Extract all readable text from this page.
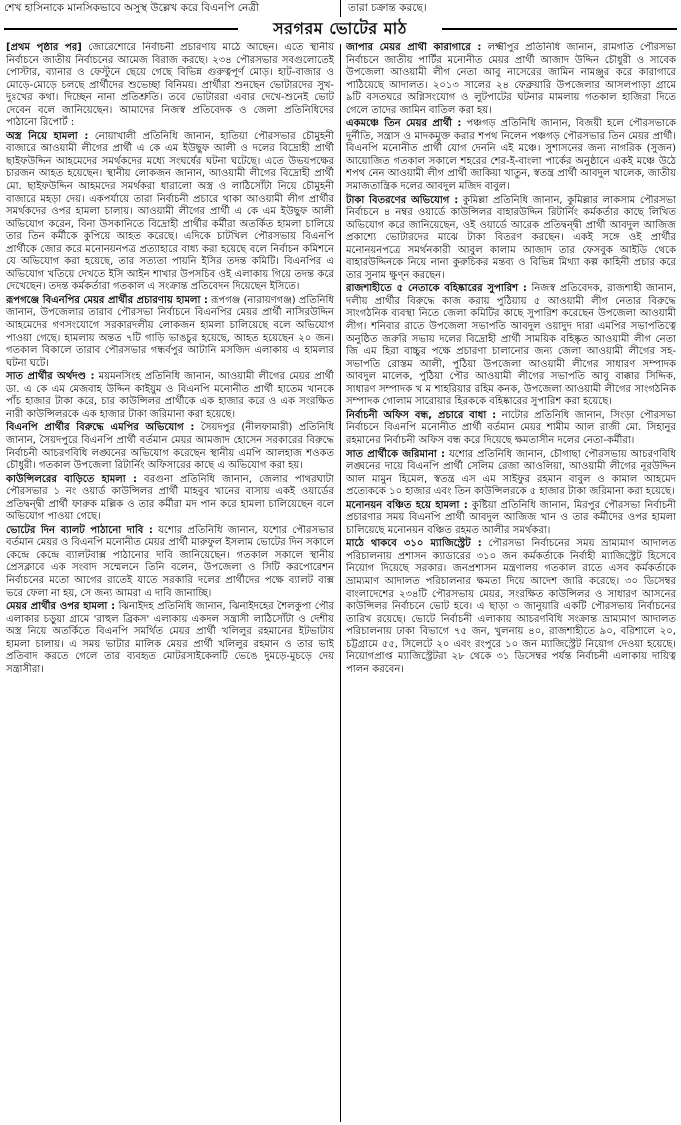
শেখ হাসিনাকে মানসিকভাবে অসুস্থ উল্লেখ করে বিএনপি নেত্রী	তারা চক্রান্ত করছে।
সরগরম ভোটের মাঠ

[প্রথম পৃষ্ঠার পর] জোরেশোরে নির্বাচনী প্রচারণায় মাঠে আছেন। এতে স্থানীয় নির্বাচনে জাতীয় নির্বাচনের আমেজ বিরাজ করছে। ২৩৪ পৌরসভার সবগুলোতেই পোস্টার, ব্যানার ও ফেস্টুনে ছেয়ে গেছে বিভিন্ন গুরুত্বপূর্ণ মোড়। হাট-বাজার ও মোড়ে-মোড়ে চলছে প্রার্থীদের শুভেচ্ছা বিনিময়। প্রার্থীরা শুনছেন ভোটারদের সুখ-দুঃখের কথা। দিচ্ছেন নানা প্রতিশ্রুতি। তবে ভোটাররা এবার দেখে-শুনেই ভোট দেবেন বলে জানিয়েছেন। আমাদের নিজস্ব প্রতিবেদক ও জেলা প্রতিনিধিদের পাঠানো রিপোর্ট :

অস্ত্র নিয়ে হামলা : নোয়াখালী প্রতিনিধি জানান, হাতিয়া পৌরসভার চৌমুহনী বাজারে আওয়ামী লীগের প্রার্থী এ কে এম ইউছুফ আলী ও দলের বিদ্রোহী প্রার্থী ছাইফউদ্দিন আহমেদের সমর্থকদের মধ্যে সংঘর্ষের ঘটনা ঘটেছে। এতে উভয়পক্ষের চারজন আহত হয়েছেন। স্থানীয় লোকজন জানান, আওয়ামী লীগের বিদ্রোহী প্রার্থী মো. ছাইফউদ্দিন আহমদের সমর্থকরা ধারালো অস্ত্র ও লাঠিসোঁটা নিয়ে চৌমুহনী বাজারে মহড়া দেয়। একপর্যায়ে তারা নির্বাচনী প্রচারে থাকা আওয়ামী লীগ প্রার্থীর সমর্থকদের ওপর হামলা চালায়। আওয়ামী লীগের প্রার্থী এ কে এম ইউছুফ আলী অভিযোগ করেন, বিনা উসকানিতে বিদ্রোহী প্রার্থীর কর্মীরা অতর্কিত হামলা চালিয়ে তার তিন কর্মীকে কুপিয়ে আহত করেছে। এদিকে চাটখিল পৌরসভায় বিএনপি প্রার্থীকে জোর করে মনোনয়নপত্র প্রত্যাহারে বাধ্য করা হয়েছে বলে নির্বাচন কমিশনে যে অভিযোগ করা হয়েছে, তার সত্যতা পায়নি ইসির তদন্ত কমিটি। বিএনপির এ অভিযোগ খতিয়ে দেখতে ইসি আইন শাখার উপসচিব ওই এলাকায় গিয়ে তদন্ত করে দেখেছেন। তদন্ত কর্মকর্তারা গতকাল এ সংক্রান্ত প্রতিবেদন দিয়েছেন ইসিতে।

রূপগঞ্জে বিএনপির মেয়র প্রার্থীর প্রচারণায় হামলা : রূপগঞ্জ (নারায়ণগঞ্জ) প্রতিনিধি জানান, উপজেলার তারাব পৌরসভা নির্বাচনে বিএনপির মেয়র প্রার্থী নাসিরউদ্দিন আহমেদের গণসংযোগে সরকারদলীয় লোকজন হামলা চালিয়েছে বলে অভিযোগ পাওয়া গেছে। হামলায় অন্তত ৭টি গাড়ি ভাঙচুর হয়েছে, আহত হয়েছেন ২০ জন। গতকাল বিকালে তারাব পৌরসভার গন্ধর্বপুর আটানি মসজিদ এলাকায় এ হামলার ঘটনা ঘটে।

সাত প্রার্থীর অর্থদণ্ড : ময়মনসিংহ প্রতিনিধি জানান, আওয়ামী লীগের মেয়র প্রার্থী ডা. এ কে এম মেজবাহ উদ্দিন কাইয়ুম ও বিএনপি মনোনীত প্রার্থী হাতেম খানকে পাঁচ হাজার টাকা করে, চার কাউন্সিলর প্রার্থীকে এক হাজার করে ও এক সংরক্ষিত নারী কাউন্সিলরকে এক হাজার টাকা জরিমানা করা হয়েছে।

বিএনপি প্রার্থীর বিরুদ্ধে এমপির অভিযোগ : সৈয়দপুর (নীলফামারী) প্রতিনিধি জানান, সৈয়দপুরে বিএনপি প্রার্থী বর্তমান মেয়র আমজাদ হোসেন সরকারের বিরুদ্ধে নির্বাচনী আচরণবিধি লঙ্ঘনের অভিযোগ করেছেন স্থানীয় এমপি আলহাজ শওকত চৌধুরী। গতকাল উপজেলা রিটার্নিং অফিসারের কাছে এ অভিযোগ করা হয়।

কাউন্সিলরের বাড়িতে হামলা : বরগুনা প্রতিনিধি জানান, জেলার পাথরঘাটা পৌরসভার ১ নং ওয়ার্ড কাউন্সিলর প্রার্থী মাহবুব খানের বাসায় একই ওয়ার্ডের প্রতিদ্বন্দ্বী প্রার্থী ফারুক মল্লিক ও তার কর্মীরা মদ পান করে হামলা চালিয়েছেন বলে অভিযোগ পাওয়া গেছে।

ভোটের দিন ব্যালট পাঠানো দাবি : যশোর প্রতিনিধি জানান, যশোর পৌরসভার বর্তমান মেয়র ও বিএনপি মনোনীত মেয়র প্রার্থী মারুফুল ইসলাম ভোটের দিন সকালে কেন্দ্রে কেন্দ্রে ব্যালটবাক্স পাঠানোর দাবি জানিয়েছেন। গতকাল সকালে স্থানীয় প্রেসক্লাবে এক সংবাদ সম্মেলনে তিনি বলেন, উপজেলা ও সিটি করপোরেশন নির্বাচনের মতো আগের রাতেই যাতে সরকারি দলের প্রার্থীদের পক্ষে ব্যালট বাক্স ভরে ফেলা না হয়, সে জন্য আমরা এ দাবি জানাচ্ছি।

মেয়র প্রার্থীর ওপর হামলা : ঝিনাইদহ প্রতিনিধি জানান, ঝিনাইদহের শৈলকুপা পৌর এলাকার চড়ুয়া গ্রামে 'রাহুল ব্রিকস' এলাকায় একদল সন্ত্রাসী লাঠিসোঁটা ও দেশীয় অস্ত্র নিয়ে অতর্কিতে বিএনপি সমর্থিত মেয়র প্রার্থী খলিলুর রহমানের ইটভাটায় হামলা চালায়। এ সময় ভাটার মালিক মেয়র প্রার্থী খলিলুর রহমান ও তার ভাই প্রতিবাদ করতে গেলে তার ব্যবহৃত মোটরসাইকেলটি ভেঙে দুমড়ে-মুচড়ে দেয় সন্ত্রাসীরা।

জাপার মেয়র প্রার্থী কারাগারে : লক্ষ্মীপুর প্রতিনিধি জানান, রামগতি পৌরসভা নির্বাচনে জাতীয় পার্টির মনোনীত মেয়র প্রার্থী আজাদ উদ্দিন চৌধুরী ও সাবেক উপজেলা আওয়ামী লীগ নেতা আবু নাসেরের জামিন নামঞ্জুর করে কারাগারে পাঠিয়েছে আদালত। ২০১৩ সালের ২৪ ফেব্রুয়ারি উপজেলার আসলপাড়া গ্রামে ৯টি বসতঘরে অগ্নিসংযোগ ও লুটপাটের ঘটনার মামলায় গতকাল হাজিরা দিতে গেলে তাদের জামিন বাতিল করা হয়।

একমঞ্চে তিন মেয়র প্রার্থী : পঞ্চগড় প্রতিনিধি জানান, বিজয়ী হলে পৌরসভাকে দুর্নীতি, সন্ত্রাস ও মাদকমুক্ত করার শপথ নিলেন পঞ্চগড় পৌরসভার তিন মেয়র প্রার্থী। বিএনপি মনোনীত প্রার্থী যোগ দেননি এই মঞ্চে। সুশাসনের জন্য নাগরিক (সুজন) আয়োজিত গতকাল সকালে শহরের শের-ই-বাংলা পার্কের অনুষ্ঠানে একই মঞ্চে উঠে শপথ নেন আওয়ামী লীগ প্রার্থী জাকিয়া খাতুন, স্বতন্ত্র প্রার্থী আবদুল খালেক, জাতীয় সমাজতান্ত্রিক দলের আবদুল মজিদ বাবুল।

টাকা বিতরণের অভিযোগ : কুমিল্লা প্রতিনিধি জানান, কুমিল্লার লাকসাম পৌরসভা নির্বাচনে ৪ নম্বর ওয়ার্ডে কাউন্সিলর বাহারউদ্দিন রিটার্নিং কর্মকর্তার কাছে লিখিত অভিযোগ করে জানিয়েছেন, ওই ওয়ার্ডে আরেক প্রতিদ্বন্দ্বী প্রার্থী আবদুল আজিজ প্রকাশ্যে ভোটারদের মাঝে টাকা বিতরণ করছেন। একই সঙ্গে ওই প্রার্থীর মনোনয়নপত্রে সমর্থনকারী আবুল কালাম আজাদ তার ফেসবুক আইডি থেকে বাহারউদ্দিনকে নিয়ে নানা কুরুচিকর মন্তব্য ও বিভিন্ন মিথ্যা কল্প কাহিনী প্রচার করে তার সুনাম ক্ষুণ্ন করছেন।

রাজশাহীতে ৫ নেতাকে বহিষ্কারের সুপারিশ : নিজস্ব প্রতিবেদক, রাজশাহী জানান, দলীয় প্রার্থীর বিরুদ্ধে কাজ করায় পুঠিয়ায় ৫ আওয়ামী লীগ নেতার বিরুদ্ধে সাংগঠনিক ব্যবস্থা নিতে জেলা কমিটির কাছে সুপারিশ করেছেন উপজেলা আওয়ামী লীগ। শনিবার রাতে উপজেলা সভাপতি আবদুল ওয়াদুদ দারা এমপির সভাপতিত্বে অনুষ্ঠিত জরুরি সভায় দলের বিদ্রোহী প্রার্থী সাময়িক বহিষ্কৃত আওয়ামী লীগ নেতা জি এম হিরা বাচ্চুর পক্ষে প্রচারণা চালানোর জন্য জেলা আওয়ামী লীগের সহ-সভাপতি রোস্তম আলী, পুঠিয়া উপজেলা আওয়ামী লীগের সাধারণ সম্পাদক আবদুল মালেক, পুঠিয়া পৌর আওয়ামী লীগের সভাপতি আবু বাক্কার সিদ্দিক, সাধারণ সম্পাদক খ ম শাহরিয়ার রহিম কনক, উপজেলা আওয়ামী লীগের সাংগঠনিক সম্পাদক গোলাম সারোয়ার হিরককে বহিষ্কারের সুপারিশ করা হয়েছে।

নির্বাচনী অফিস বন্ধ, প্রচারে বাধা : নাটোর প্রতিনিধি জানান, সিংড়া পৌরসভা নির্বাচনে বিএনপি মনোনীত প্রার্থী বর্তমান মেয়র শামীম আল রাজী মো. সিহানুর রহমানের নির্বাচনী অফিস বন্ধ করে দিয়েছে ক্ষমতাসীন দলের নেতা-কর্মীরা।

সাত প্রার্থীকে জরিমানা : যশোর প্রতিনিধি জানান, চৌগাছা পৌরসভায় আচরণবিধি লঙ্ঘনের দায়ে বিএনপি প্রার্থী সেলিম রেজা আওলিয়া, আওয়ামী লীগের নূরউদ্দিন আল মামুন হিমেল, স্বতন্ত্র এস এম সাইফুর রহমান বাবুল ও কামাল আহমেদ প্রত্যেককে ১০ হাজার এবং তিন কাউন্সিলরকে ৫ হাজার টাকা জরিমানা করা হয়েছে।

মনোনয়ন বঞ্চিত হয়ে হামলা : কুষ্টিয়া প্রতিনিধি জানান, মিরপুর পৌরসভা নির্বাচনী প্রচারণার সময় বিএনপি প্রার্থী আবদুল আজিজ খান ও তার কর্মীদের ওপর হামলা চালিয়েছে মনোনয়ন বঞ্চিত রহমত আলীর সমর্থকরা।

মাঠে থাকবে ৩১০ ম্যাজিস্ট্রেট : পৌরসভা নির্বাচনের সময় ভ্রাম্যমাণ আদালত পরিচালনায় প্রশাসন ক্যাডারের ৩১০ জন কর্মকর্তাকে নির্বাহী ম্যাজিস্ট্রেট হিসেবে নিয়োগ দিয়েছে সরকার। জনপ্রশাসন মন্ত্রণালয় গতকাল রাতে এসব কর্মকর্তাকে ভ্রাম্যমাণ আদালত পরিচালনার ক্ষমতা দিয়ে আদেশ জারি করেছে। ৩০ ডিসেম্বর বাংলাদেশের ২৩৪টি পৌরসভায় মেয়র, সংরক্ষিত কাউন্সিলর ও সাধারণ আসনের কাউন্সিলর নির্বাচনে ভোট হবে। এ ছাড়া ৩ জানুয়ারি একটি পৌরসভায় নির্বাচনের তারিখ রয়েছে। ভোটে নির্বাচনী এলাকায় আচরণবিধি সংক্রান্ত ভ্রাম্যমাণ আদালত পরিচালনায় ঢাকা বিভাগে ৭৫ জন, খুলনায় ৪০, রাজশাহীতে ৯০, বরিশালে ২০, চট্টগ্রামে ৫৫, সিলেটে ২০ এবং রংপুরে ১০ জন ম্যাজিস্ট্রেট নিয়োগ দেওয়া হয়েছে। নিয়োগপ্রাপ্ত ম্যাজিস্ট্রেটরা ২৮ থেকে ৩১ ডিসেম্বর পর্যন্ত নির্বাচনী এলাকায় দায়িত্ব পালন করবেন।
